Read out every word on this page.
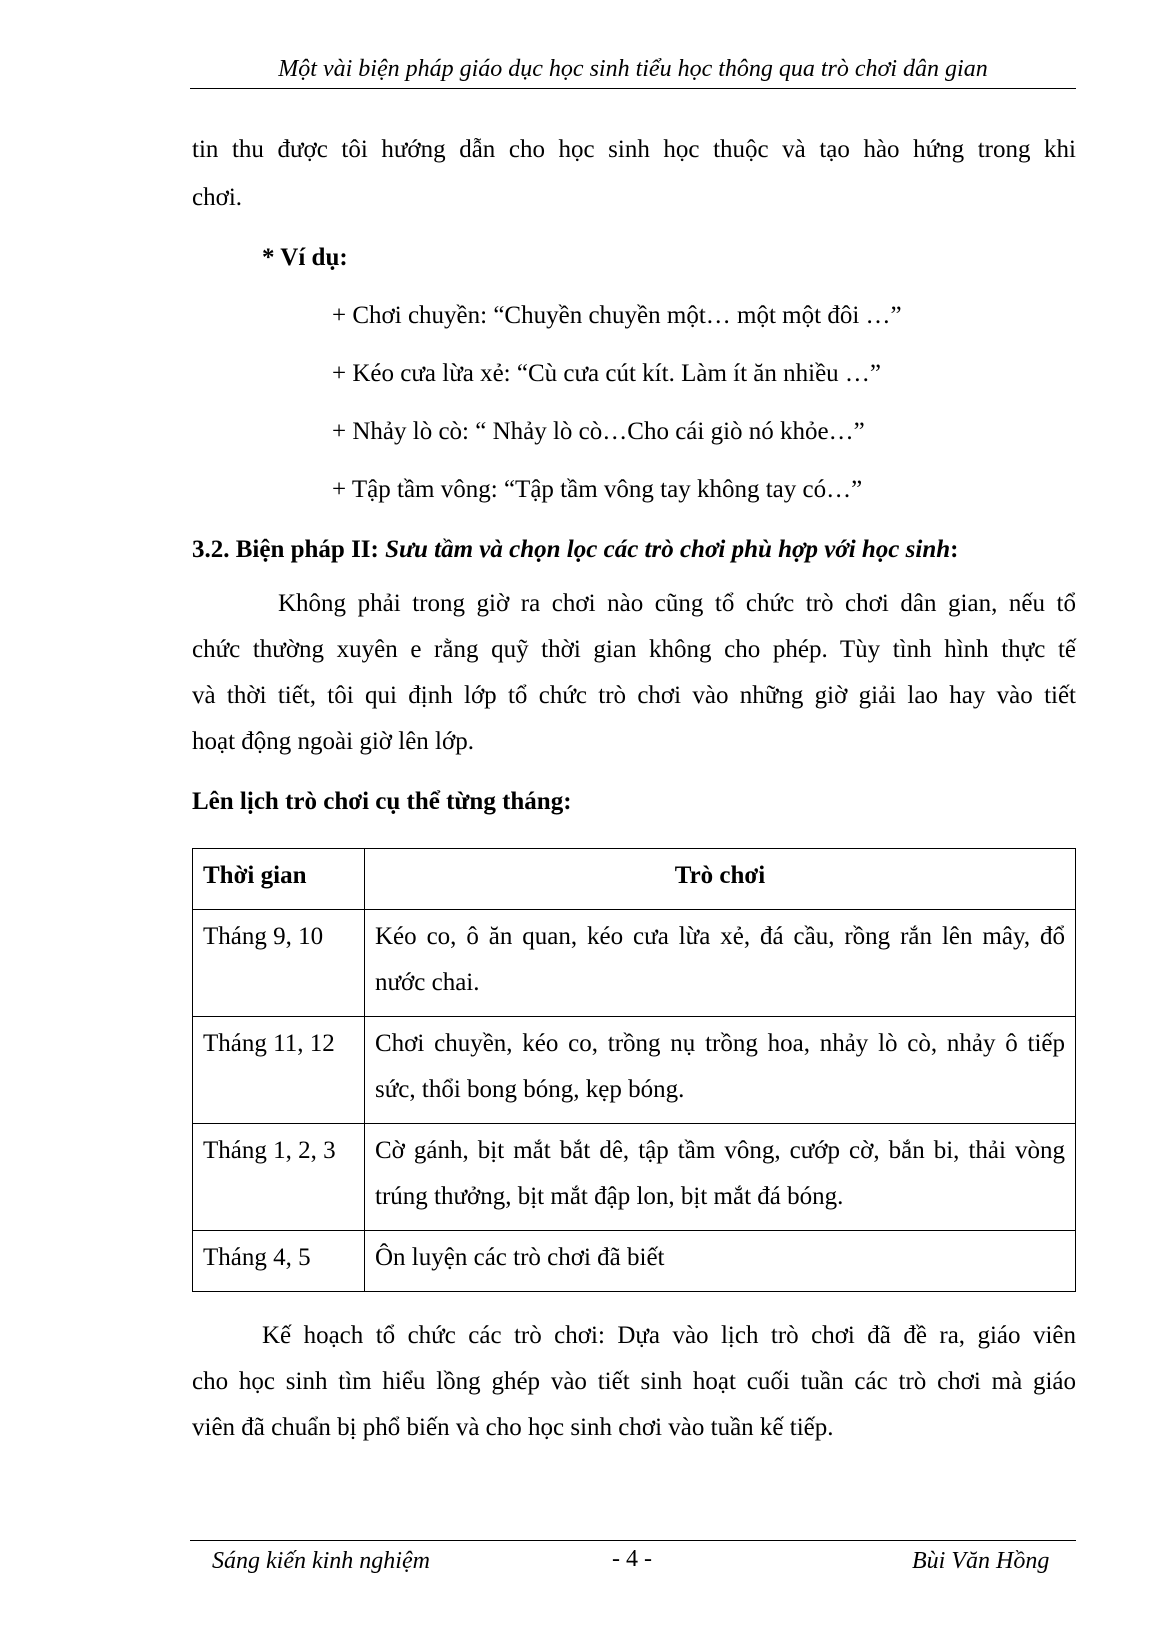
Một vài biện pháp giáo dục học sinh tiểu học thông qua trò chơi dân gian
tin thu được tôi hướng dẫn cho học sinh học thuộc và tạo hào hứng trong khi
chơi.
* Ví dụ:
+ Chơi chuyền: “Chuyền chuyền một… một một đôi …”
+ Kéo cưa lừa xẻ: “Cù cưa cút kít. Làm ít ăn nhiều …”
+ Nhảy lò cò: “ Nhảy lò cò…Cho cái giò nó khỏe…”
+ Tập tầm vông: “Tập tầm vông tay không tay có…”
3.2. Biện pháp II: Sưu tầm và chọn lọc các trò chơi phù hợp với học sinh:
Không phải trong giờ ra chơi nào cũng tổ chức trò chơi dân gian, nếu tổ
chức thường xuyên e rằng quỹ thời gian không cho phép. Tùy tình hình thực tế
và thời tiết, tôi qui định lớp tổ chức trò chơi vào những giờ giải lao hay vào tiết
hoạt động ngoài giờ lên lớp.
Lên lịch trò chơi cụ thể từng tháng:
Thời gian	Trò chơi
Tháng 9, 10	Kéo co, ô ăn quan, kéo cưa lừa xẻ, đá cầu, rồng rắn lên mây, đổ nước chai.
Tháng 11, 12	Chơi chuyền, kéo co, trồng nụ trồng hoa, nhảy lò cò, nhảy ô tiếp sức, thổi bong bóng, kẹp bóng.
Tháng 1, 2, 3	Cờ gánh, bịt mắt bắt dê, tập tầm vông, cướp cờ, bắn bi, thải vòng trúng thưởng, bịt mắt đập lon, bịt mắt đá bóng.
Tháng 4, 5	Ôn luyện các trò chơi đã biết
Kế hoạch tổ chức các trò chơi: Dựa vào lịch trò chơi đã đề ra, giáo viên
cho học sinh tìm hiểu lồng ghép vào tiết sinh hoạt cuối tuần các trò chơi mà giáo
viên đã chuẩn bị phổ biến và cho học sinh chơi vào tuần kế tiếp.
Sáng kiến kinh nghiệm	- 4 -	Bùi Văn Hồng
